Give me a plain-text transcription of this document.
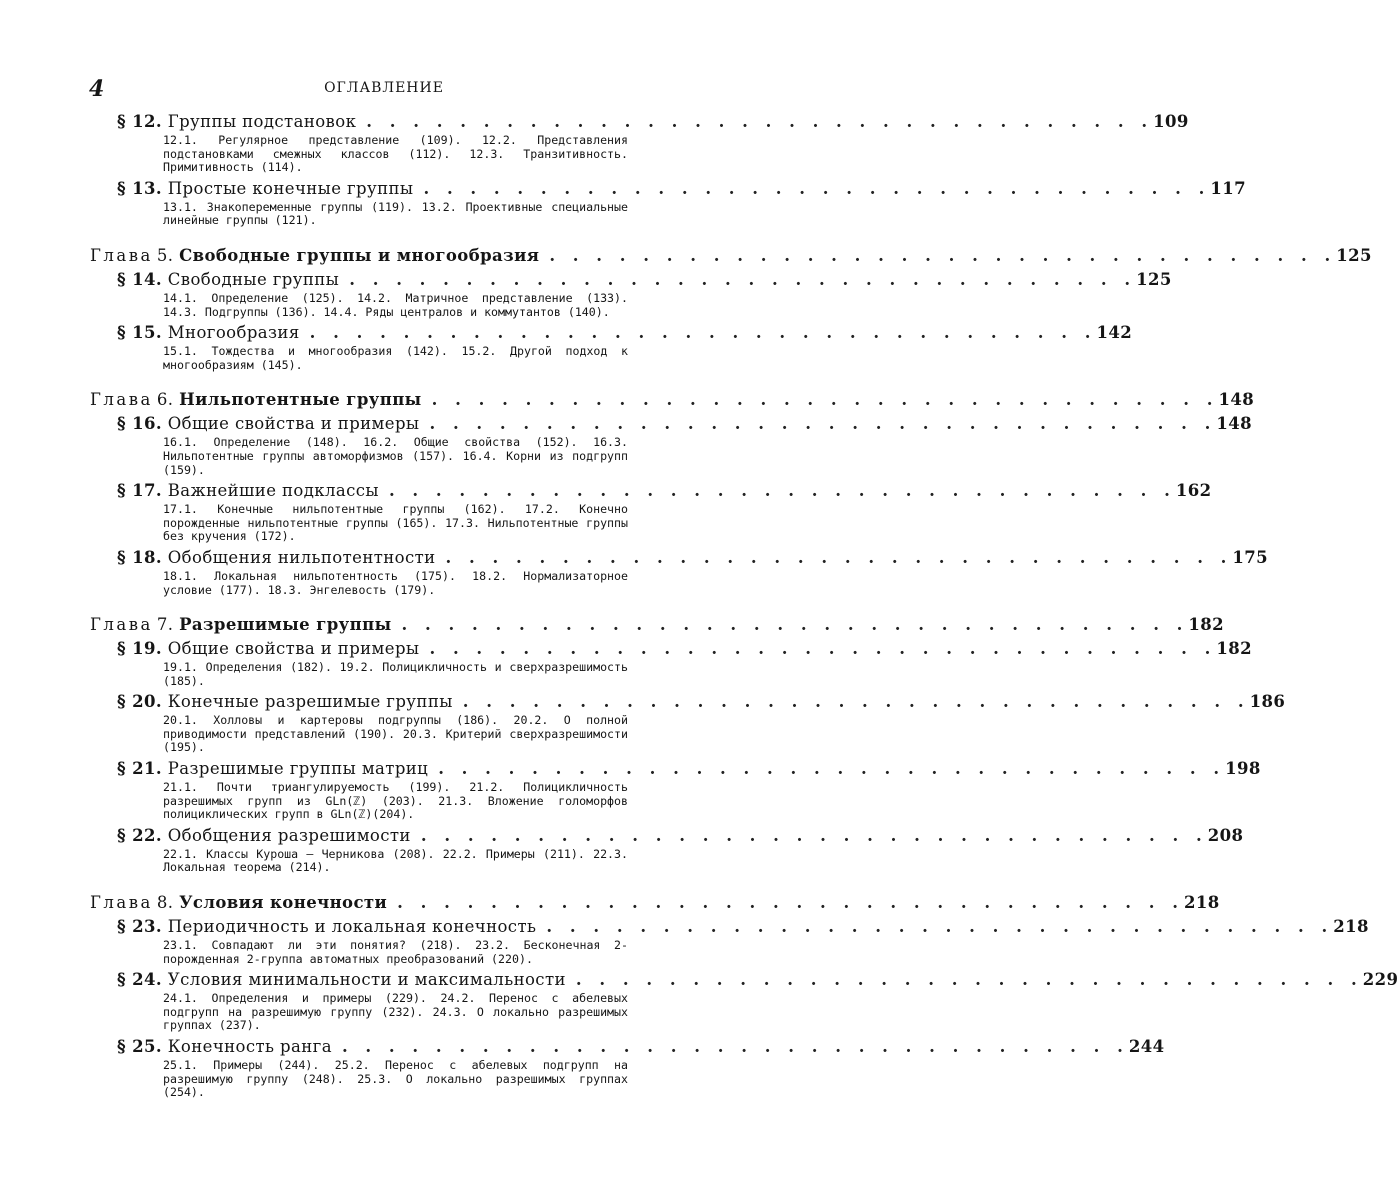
4	ОГЛАВЛЕНИЕ
§ 12. Группы подстановок . . . . . . . . . . . . . . . . . . . . . . . . . . . . . . . . . . 109
12.1. Регулярное представление (109). 12.2. Представления подстановками смежных классов (112). 12.3. Транзитивность. Примитивность (114).
§ 13. Простые конечные группы . . . . . . . . . . . . . . . . . . . . . . . . . . . . . . . . . . 117
13.1. Знакопеременные группы (119). 13.2. Проективные специальные линейные группы (121).
Глава 5. Свободные группы и многообразия . . . . . . . . . . . . . . . . . . . . . . . . . . . . . . . . . . 125
§ 14. Свободные группы . . . . . . . . . . . . . . . . . . . . . . . . . . . . . . . . . . 125
14.1. Определение (125). 14.2. Матричное представление (133). 14.3. Подгруппы (136). 14.4. Ряды централов и коммутантов (140).
§ 15. Многообразия . . . . . . . . . . . . . . . . . . . . . . . . . . . . . . . . . . 142
15.1. Тождества и многообразия (142). 15.2. Другой подход к многообразиям (145).
Глава 6. Нильпотентные группы . . . . . . . . . . . . . . . . . . . . . . . . . . . . . . . . . . 148
§ 16. Общие свойства и примеры . . . . . . . . . . . . . . . . . . . . . . . . . . . . . . . . . . 148
16.1. Определение (148). 16.2. Общие свойства (152). 16.3. Нильпотентные группы автоморфизмов (157). 16.4. Корни из подгрупп (159).
§ 17. Важнейшие подклассы . . . . . . . . . . . . . . . . . . . . . . . . . . . . . . . . . . 162
17.1. Конечные нильпотентные группы (162). 17.2. Конечно порожденные нильпотентные группы (165). 17.3. Нильпотентные группы без кручения (172).
§ 18. Обобщения нильпотентности . . . . . . . . . . . . . . . . . . . . . . . . . . . . . . . . . . 175
18.1. Локальная нильпотентность (175). 18.2. Нормализаторное условие (177). 18.3. Энгелевость (179).
Глава 7. Разрешимые группы . . . . . . . . . . . . . . . . . . . . . . . . . . . . . . . . . . 182
§ 19. Общие свойства и примеры . . . . . . . . . . . . . . . . . . . . . . . . . . . . . . . . . . 182
19.1. Определения (182). 19.2. Полицикличность и сверхразрешимость (185).
§ 20. Конечные разрешимые группы . . . . . . . . . . . . . . . . . . . . . . . . . . . . . . . . . . 186
20.1. Холловы и картеровы подгруппы (186). 20.2. О полной приводимости представлений (190). 20.3. Критерий сверхразрешимости (195).
§ 21. Разрешимые группы матриц . . . . . . . . . . . . . . . . . . . . . . . . . . . . . . . . . . 198
21.1. Почти триангулируемость (199). 21.2. Полицикличность разрешимых групп из GLn(ℤ) (203). 21.3. Вложение голоморфов полициклических групп в GLn(ℤ)(204).
§ 22. Обобщения разрешимости . . . . . . . . . . . . . . . . . . . . . . . . . . . . . . . . . . 208
22.1. Классы Куроша — Черникова (208). 22.2. Примеры (211). 22.3. Локальная теорема (214).
Глава 8. Условия конечности . . . . . . . . . . . . . . . . . . . . . . . . . . . . . . . . . . 218
§ 23. Периодичность и локальная конечность . . . . . . . . . . . . . . . . . . . . . . . . . . . . . . . . . . 218
23.1. Совпадают ли эти понятия? (218). 23.2. Бесконечная 2-порожденная 2-группа автоматных преобразований (220).
§ 24. Условия минимальности и максимальности . . . . . . . . . . . . . . . . . . . . . . . . . . . . . . . . . . 229
24.1. Определения и примеры (229). 24.2. Перенос с абелевых подгрупп на разрешимую группу (232). 24.3. О локально разрешимых группах (237).
§ 25. Конечность ранга . . . . . . . . . . . . . . . . . . . . . . . . . . . . . . . . . . 244
25.1. Примеры (244). 25.2. Перенос с абелевых подгрупп на разрешимую группу (248). 25.3. О локально разрешимых группах (254).
